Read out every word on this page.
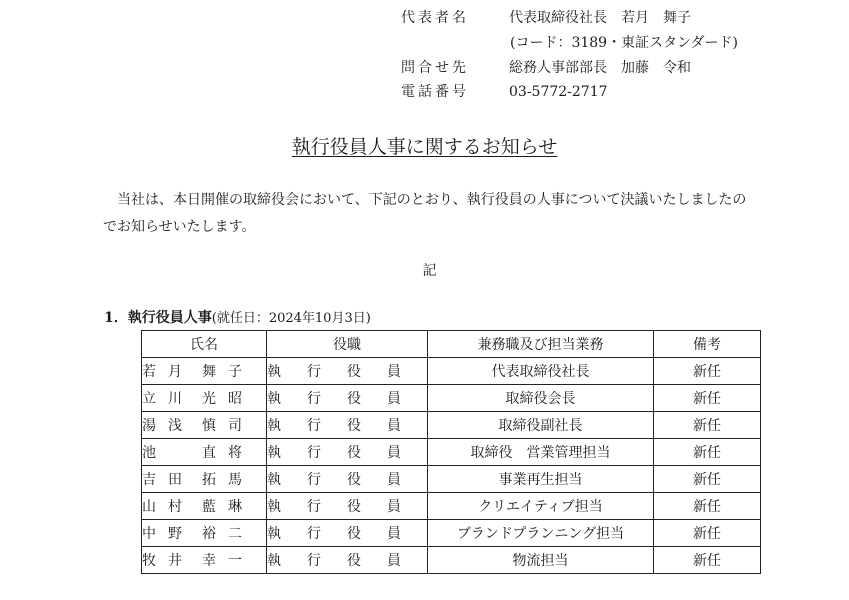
代表者名	代表取締役社長　若月　舞子
(コード：3189・東証スタンダード)
問合せ先	総務人事部部長　加藤　令和
電話番号	03-5772-2717
執行役員人事に関するお知らせ
当社は、本日開催の取締役会において、下記のとおり、執行役員の人事について決議いたしましたのでお知らせいたします。
記
1．執行役員人事(就任日：2024年10月3日)
氏名	役職	兼務職及び担当業務	備考
若月 舞子	執行役員	代表取締役社長	新任
立川 光昭	執行役員	取締役会長	新任
湯浅 慎司	執行役員	取締役副社長	新任
池 直将	執行役員	取締役　営業管理担当	新任
吉田 拓馬	執行役員	事業再生担当	新任
山村 藍琳	執行役員	クリエイティブ担当	新任
中野 裕二	執行役員	ブランドプランニング担当	新任
牧井 幸一	執行役員	物流担当	新任
